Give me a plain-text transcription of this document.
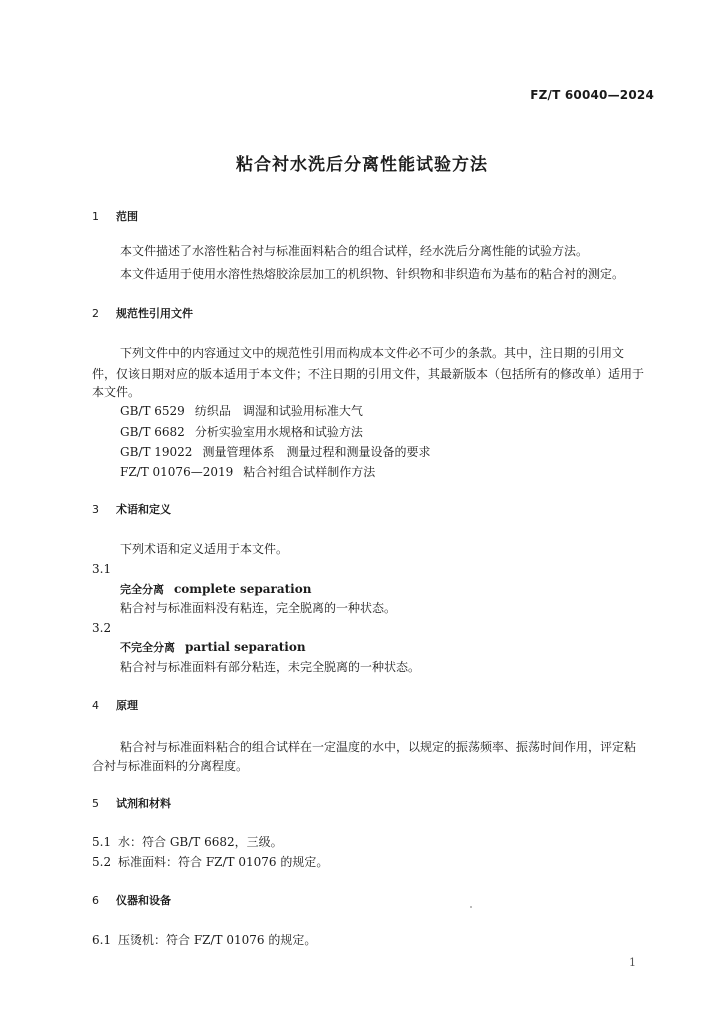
FZ/T 60040—2024
粘合衬水洗后分离性能试验方法
1 范围
本文件描述了水溶性粘合衬与标准面料粘合的组合试样，经水洗后分离性能的试验方法。
本文件适用于使用水溶性热熔胶涂层加工的机织物、针织物和非织造布为基布的粘合衬的测定。
2 规范性引用文件
下列文件中的内容通过文中的规范性引用而构成本文件必不可少的条款。其中，注日期的引用文
件，仅该日期对应的版本适用于本文件；不注日期的引用文件，其最新版本（包括所有的修改单）适用于
本文件。
GB/T 6529 纺织品　调湿和试验用标准大气
GB/T 6682 分析实验室用水规格和试验方法
GB/T 19022 测量管理体系　测量过程和测量设备的要求
FZ/T 01076—2019 粘合衬组合试样制作方法
3 术语和定义
下列术语和定义适用于本文件。
3.1
完全分离 complete separation
粘合衬与标准面料没有粘连，完全脱离的一种状态。
3.2
不完全分离 partial separation
粘合衬与标准面料有部分粘连，未完全脱离的一种状态。
4 原理
粘合衬与标准面料粘合的组合试样在一定温度的水中，以规定的振荡频率、振荡时间作用，评定粘
合衬与标准面料的分离程度。
5 试剂和材料
5.1 水：符合 GB/T 6682，三级。
5.2 标准面料：符合 FZ/T 01076 的规定。
6 仪器和设备
6.1 压烫机：符合 FZ/T 01076 的规定。
1
